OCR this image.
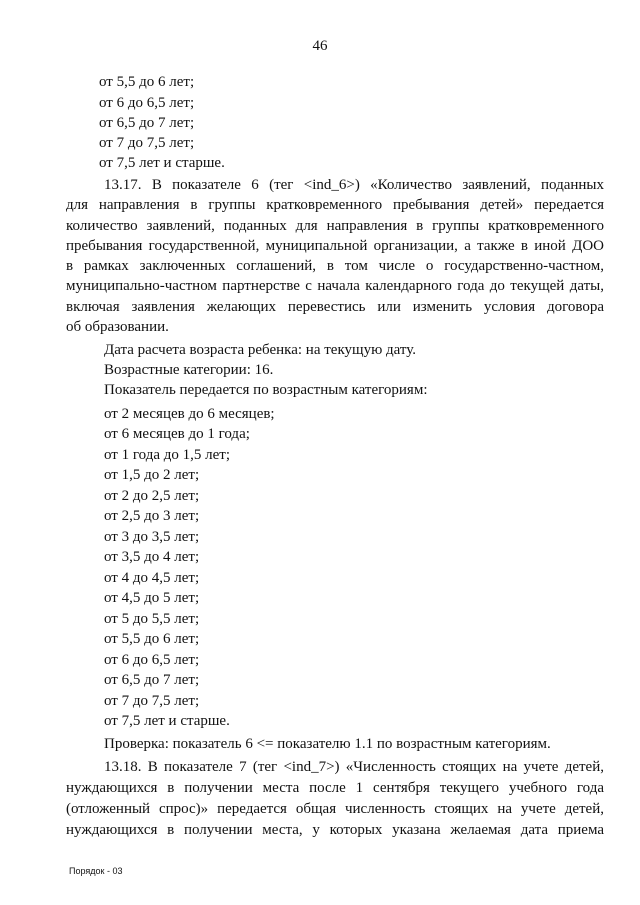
46
от 5,5 до 6 лет;
от 6 до 6,5 лет;
от 6,5 до 7 лет;
от 7 до 7,5 лет;
от 7,5 лет и старше.
13.17. В показателе 6 (тег <ind_6>) «Количество заявлений, поданных
для направления в группы кратковременного пребывания детей» передается
количество заявлений, поданных для направления в группы кратковременного
пребывания государственной, муниципальной организации, а также в иной ДОО
в рамках заключенных соглашений, в том числе о государственно-частном,
муниципально-частном партнерстве с начала календарного года до текущей даты,
включая заявления желающих перевестись или изменить условия договора
об образовании.
Дата расчета возраста ребенка: на текущую дату.
Возрастные категории: 16.
Показатель передается по возрастным категориям:
от 2 месяцев до 6 месяцев;
от 6 месяцев до 1 года;
от 1 года до 1,5 лет;
от 1,5 до 2 лет;
от 2 до 2,5 лет;
от 2,5 до 3 лет;
от 3 до 3,5 лет;
от 3,5 до 4 лет;
от 4 до 4,5 лет;
от 4,5 до 5 лет;
от 5 до 5,5 лет;
от 5,5 до 6 лет;
от 6 до 6,5 лет;
от 6,5 до 7 лет;
от 7 до 7,5 лет;
от 7,5 лет и старше.
Проверка: показатель 6 <= показателю 1.1 по возрастным категориям.
13.18. В показателе 7 (тег <ind_7>) «Численность стоящих на учете детей,
нуждающихся в получении места после 1 сентября текущего учебного года
(отложенный спрос)» передается общая численность стоящих на учете детей,
нуждающихся в получении места, у которых указана желаемая дата приема
Порядок - 03
